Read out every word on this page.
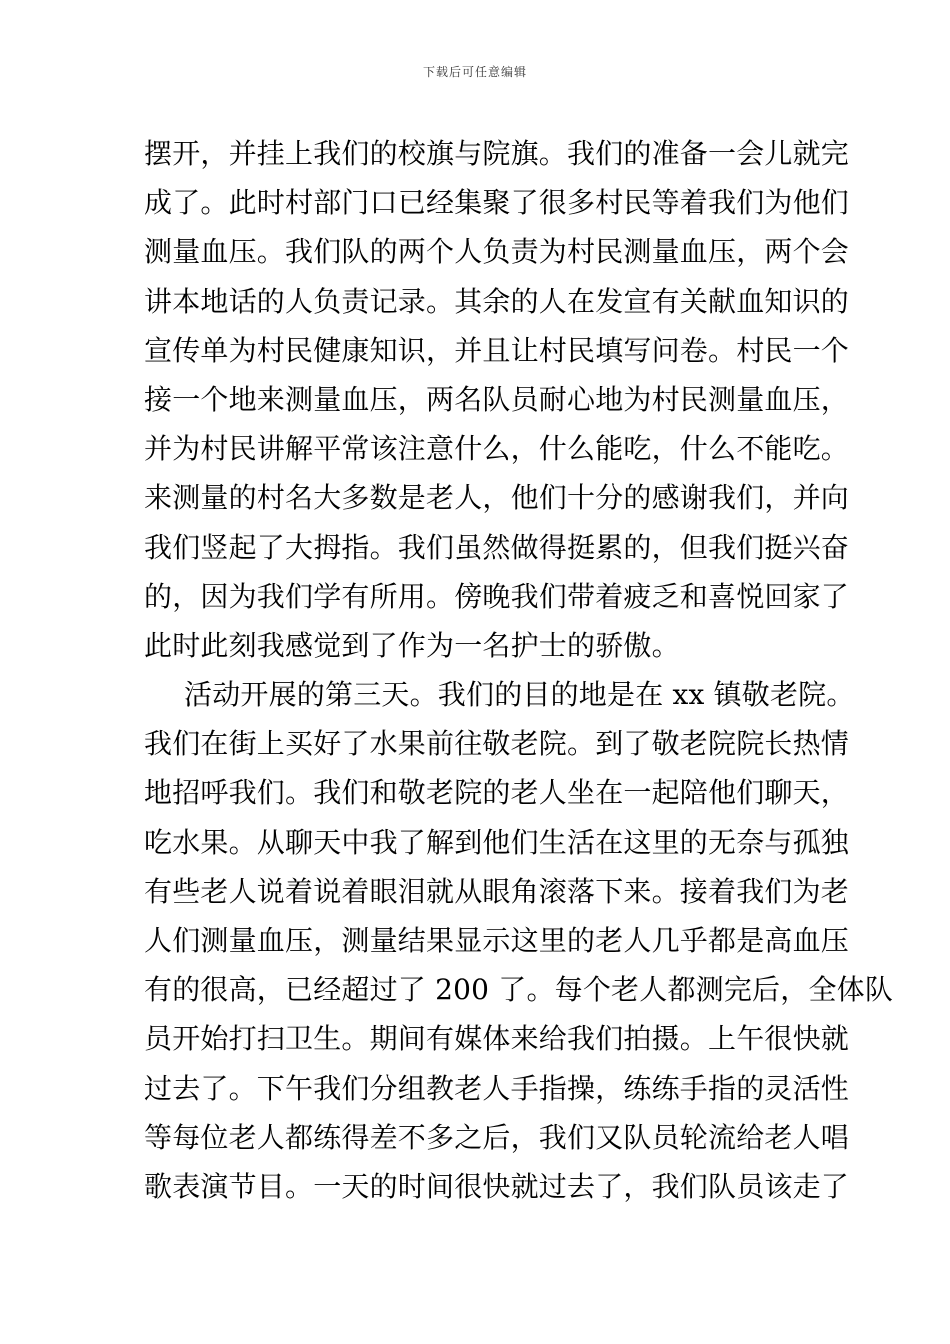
下载后可任意编辑
摆开，并挂上我们的校旗与院旗。我们的准备一会儿就完
成了。此时村部门口已经集聚了很多村民等着我们为他们
测量血压。我们队的两个人负责为村民测量血压，两个会
讲本地话的人负责记录。其余的人在发宣有关献血知识的
宣传单为村民健康知识，并且让村民填写问卷。村民一个
接一个地来测量血压，两名队员耐心地为村民测量血压，
并为村民讲解平常该注意什么，什么能吃，什么不能吃。
来测量的村名大多数是老人，他们十分的感谢我们，并向
我们竖起了大拇指。我们虽然做得挺累的，但我们挺兴奋
的，因为我们学有所用。傍晚我们带着疲乏和喜悦回家了
此时此刻我感觉到了作为一名护士的骄傲。
活动开展的第三天。我们的目的地是在 xx 镇敬老院。
我们在街上买好了水果前往敬老院。到了敬老院院长热情
地招呼我们。我们和敬老院的老人坐在一起陪他们聊天，
吃水果。从聊天中我了解到他们生活在这里的无奈与孤独
有些老人说着说着眼泪就从眼角滚落下来。接着我们为老
人们测量血压，测量结果显示这里的老人几乎都是高血压
有的很高，已经超过了 200 了。每个老人都测完后，全体队
员开始打扫卫生。期间有媒体来给我们拍摄。上午很快就
过去了。下午我们分组教老人手指操，练练手指的灵活性
等每位老人都练得差不多之后，我们又队员轮流给老人唱
歌表演节目。一天的时间很快就过去了，我们队员该走了
